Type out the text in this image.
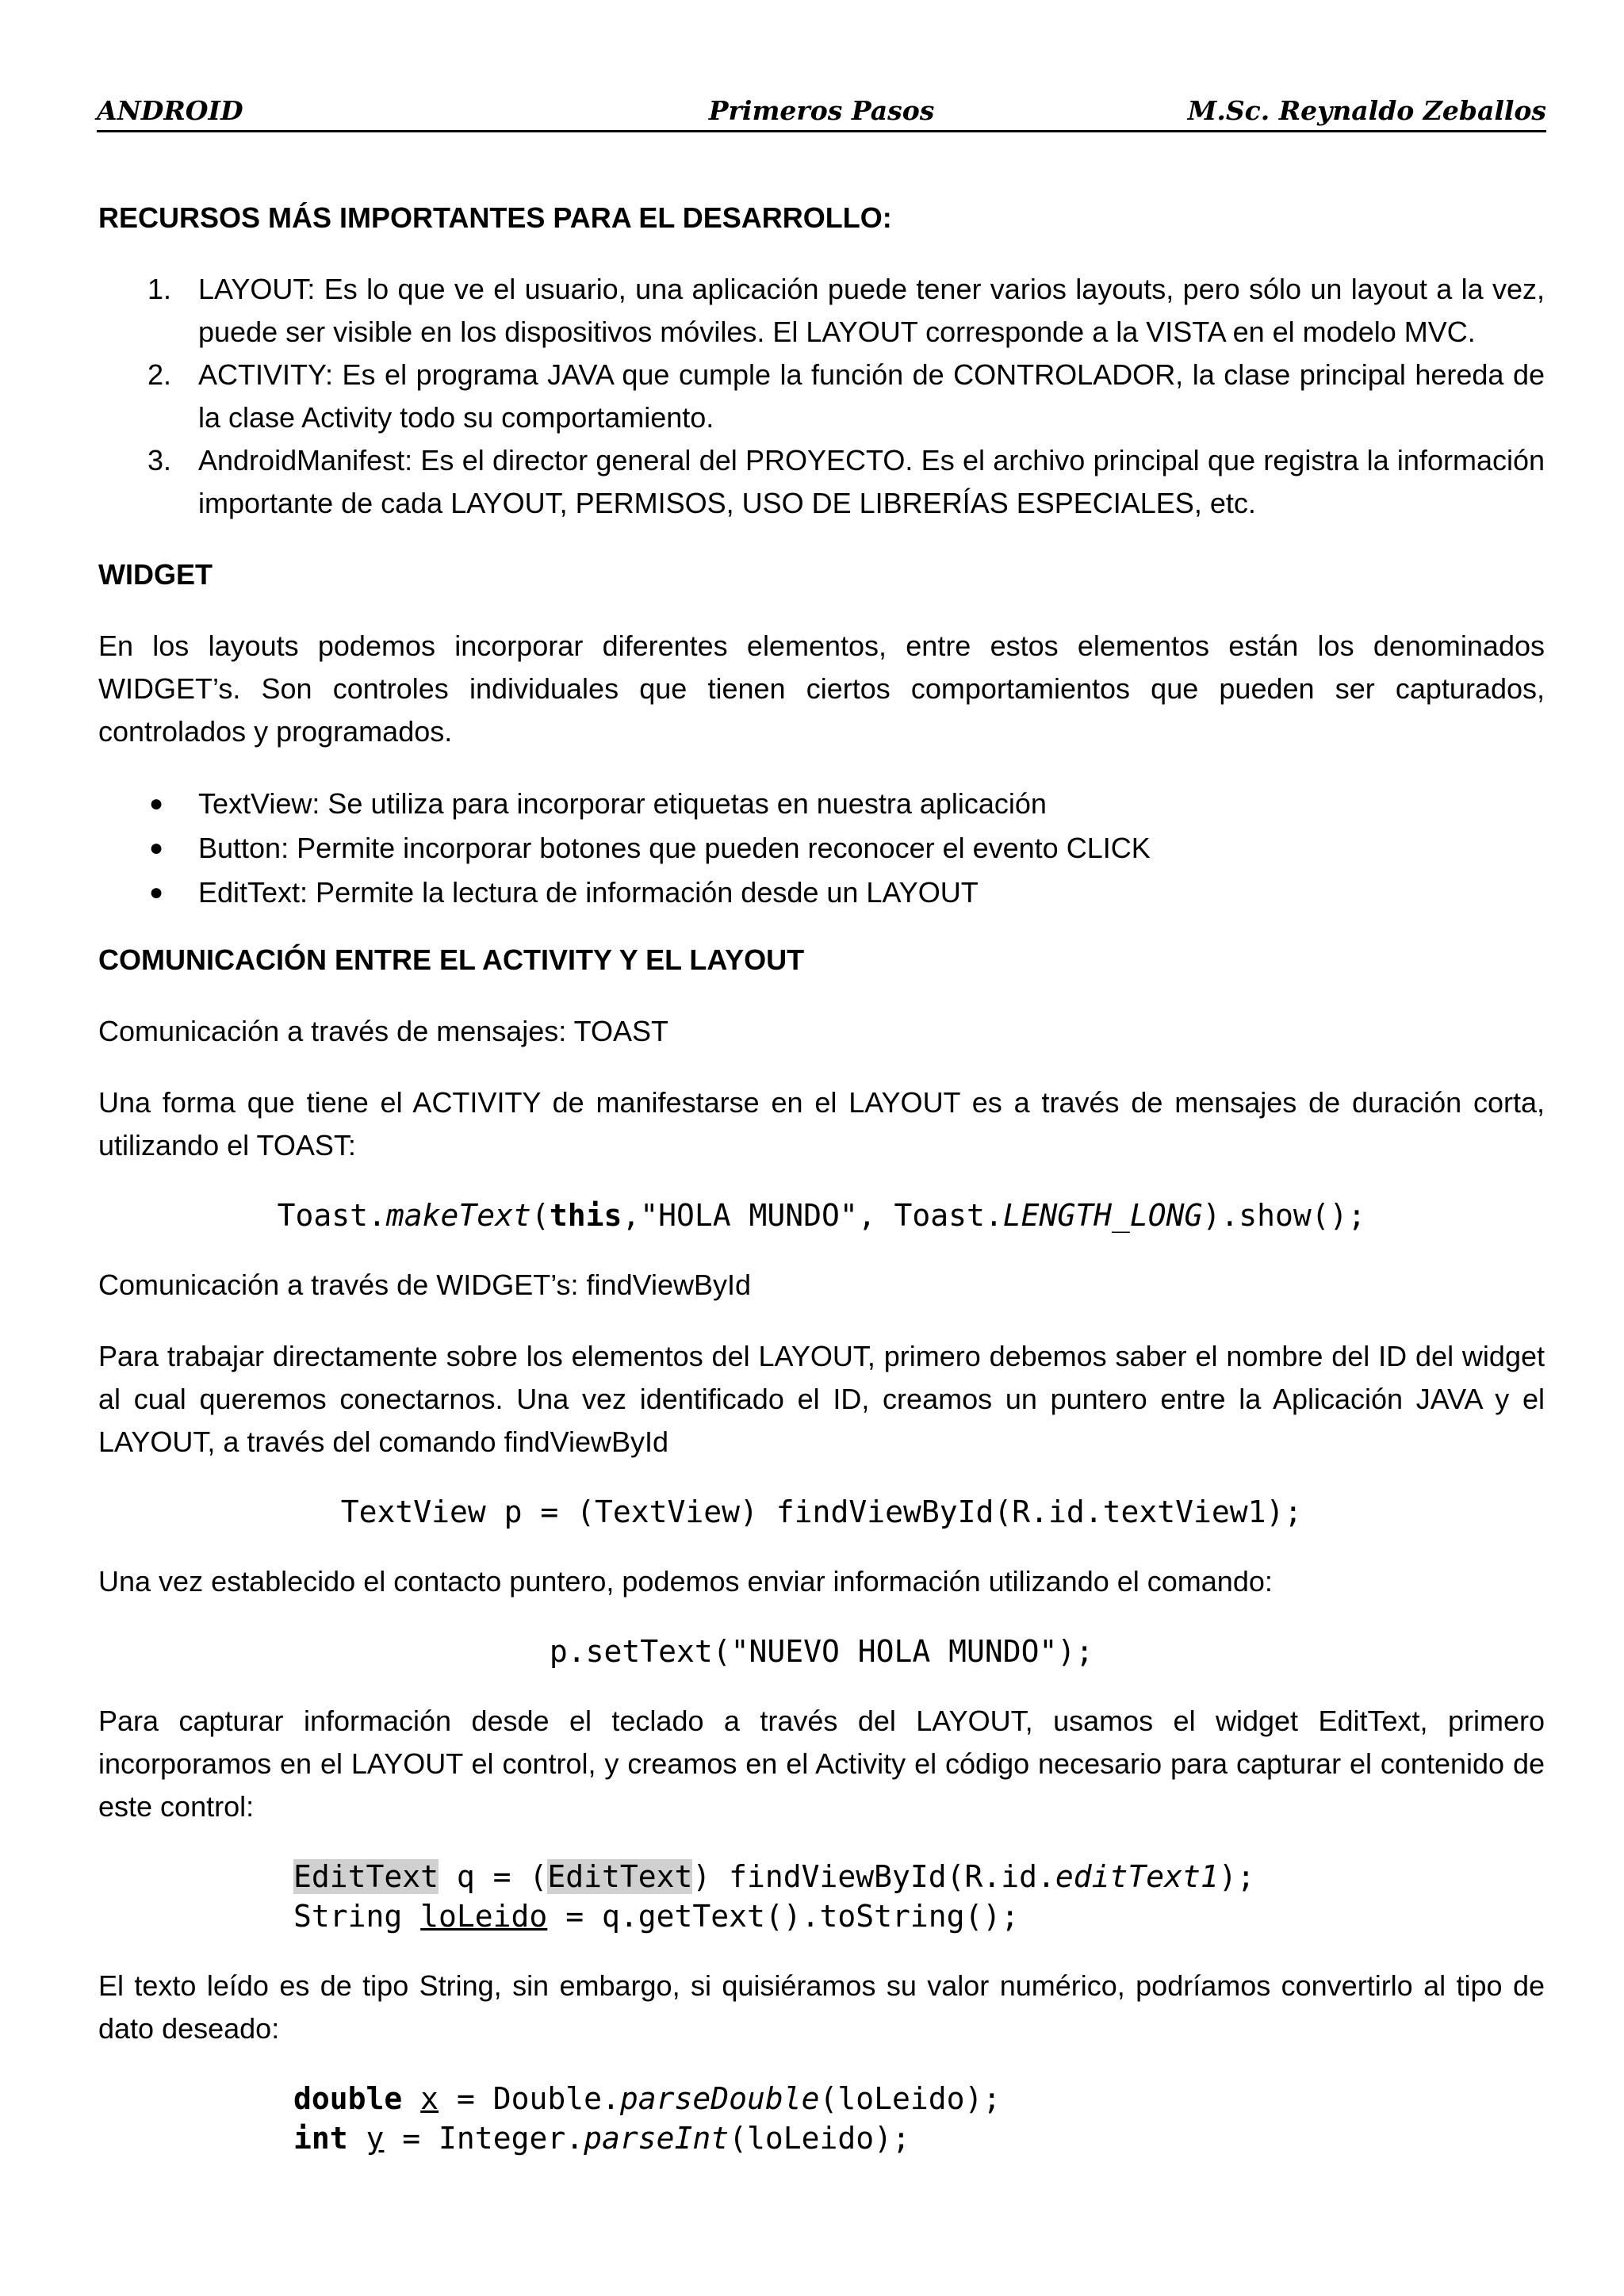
ANDROID	Primeros Pasos	M.Sc. Reynaldo Zeballos

RECURSOS MÁS IMPORTANTES PARA EL DESARROLLO:

1. LAYOUT: Es lo que ve el usuario, una aplicación puede tener varios layouts, pero sólo un layout a la vez, puede ser visible en los dispositivos móviles. El LAYOUT corresponde a la VISTA en el modelo MVC.
2. ACTIVITY: Es el programa JAVA que cumple la función de CONTROLADOR, la clase principal hereda de la clase Activity todo su comportamiento.
3. AndroidManifest: Es el director general del PROYECTO. Es el archivo principal que registra la información importante de cada LAYOUT, PERMISOS, USO DE LIBRERÍAS ESPECIALES, etc.

WIDGET

En los layouts podemos incorporar diferentes elementos, entre estos elementos están los denominados WIDGET’s. Son controles individuales que tienen ciertos comportamientos que pueden ser capturados, controlados y programados.

● TextView: Se utiliza para incorporar etiquetas en nuestra aplicación
● Button: Permite incorporar botones que pueden reconocer el evento CLICK
● EditText: Permite la lectura de información desde un LAYOUT

COMUNICACIÓN ENTRE EL ACTIVITY Y EL LAYOUT

Comunicación a través de mensajes: TOAST

Una forma que tiene el ACTIVITY de manifestarse en el LAYOUT es a través de mensajes de duración corta, utilizando el TOAST:

Toast.makeText(this,"HOLA MUNDO", Toast.LENGTH_LONG).show();

Comunicación a través de WIDGET’s: findViewById

Para trabajar directamente sobre los elementos del LAYOUT, primero debemos saber el nombre del ID del widget al cual queremos conectarnos. Una vez identificado el ID, creamos un puntero entre la Aplicación JAVA y el LAYOUT, a través del comando findViewById

TextView p = (TextView) findViewById(R.id.textView1);

Una vez establecido el contacto puntero, podemos enviar información utilizando el comando:

p.setText("NUEVO HOLA MUNDO");

Para capturar información desde el teclado a través del LAYOUT, usamos el widget EditText, primero incorporamos en el LAYOUT el control, y creamos en el Activity el código necesario para capturar el contenido de este control:

EditText q = (EditText) findViewById(R.id.editText1);
String loLeido = q.getText().toString();

El texto leído es de tipo String, sin embargo, si quisiéramos su valor numérico, podríamos convertirlo al tipo de dato deseado:

double x = Double.parseDouble(loLeido);
int y = Integer.parseInt(loLeido);
